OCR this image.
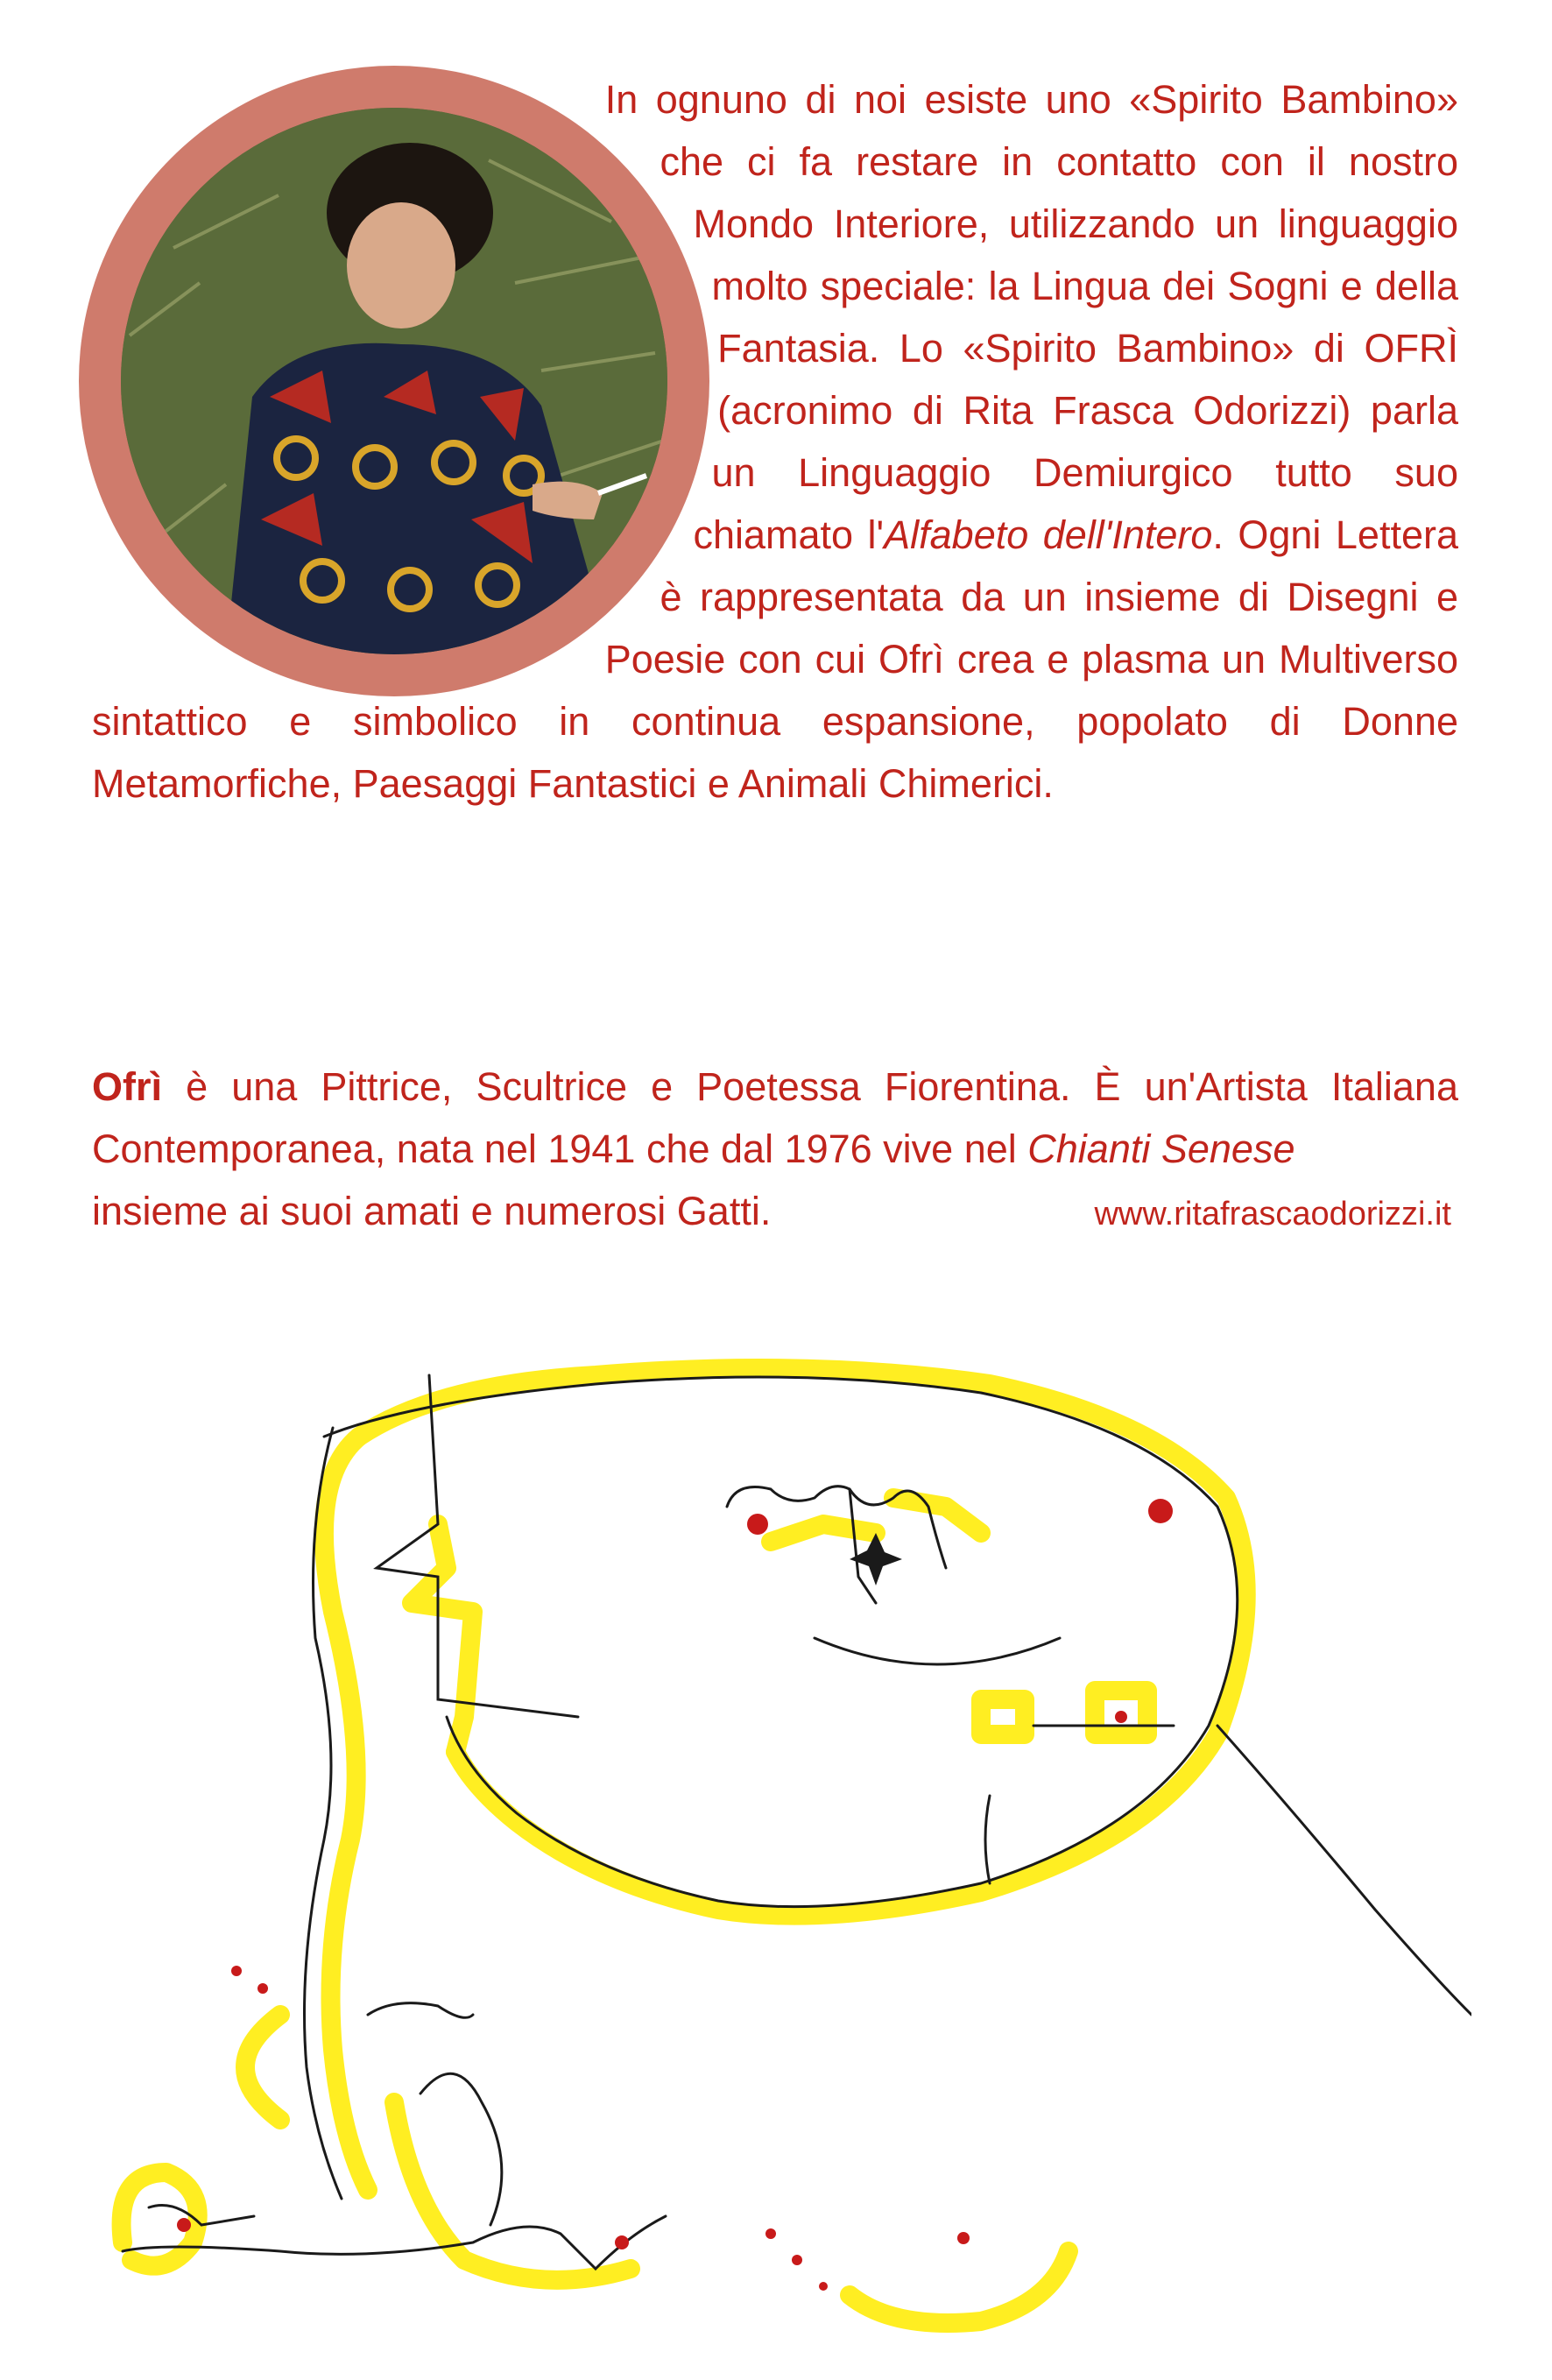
In ognuno di noi esiste uno «Spirito Bambino» che ci fa restare in contatto con il nostro Mondo Interiore, utilizzando un linguaggio molto speciale: la Lingua dei Sogni e della Fantasia. Lo «Spirito Bambino» di OFRÌ (acronimo di Rita Frasca Odorizzi) parla un Linguaggio Demiurgico tutto suo chiamato l'Alfabeto dell'Intero. Ogni Lettera è rappresentata da un insieme di Disegni e Poesie con cui Ofrì crea e plasma un Multiverso sintattico e simbolico in continua espansione, popolato di Donne Metamorfiche, Paesaggi Fantastici e Animali Chimerici.

Ofrì è una Pittrice, Scultrice e Poetessa Fiorentina. È un'Artista Italiana Contemporanea, nata nel 1941 che dal 1976 vive nel Chianti Senese
insieme ai suoi amati e numerosi Gatti.	www.ritafrascaodorizzi.it
